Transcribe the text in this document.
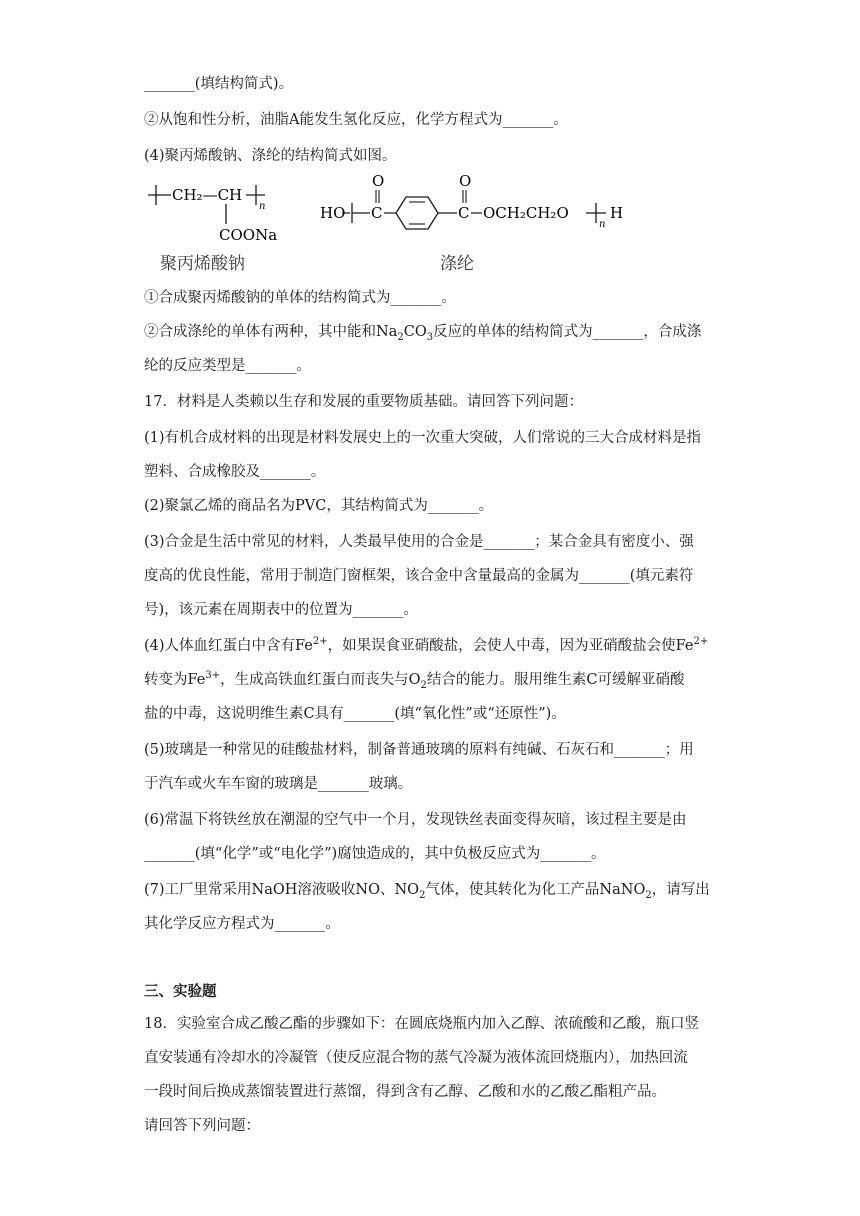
_______(填结构简式)。
②从饱和性分析，油脂A能发生氢化反应，化学方程式为_______。
(4)聚丙烯酸钠、涤纶的结构简式如图。
CH₂—CH
n
COONa
聚丙烯酸钠
HO C
O
C
O
OCH₂CH₂O
n
H
涤纶
①合成聚丙烯酸钠的单体的结构简式为_______。
②合成涤纶的单体有两种，其中能和$Na_2CO_3$反应的单体的结构简式为_______，合成涤
纶的反应类型是_______。
17．材料是人类赖以生存和发展的重要物质基础。请回答下列问题：
(1)有机合成材料的出现是材料发展史上的一次重大突破，人们常说的三大合成材料是指
塑料、合成橡胶及_______。
(2)聚氯乙烯的商品名为PVC，其结构简式为_______。
(3)合金是生活中常见的材料，人类最早使用的合金是_______；某合金具有密度小、强
度高的优良性能，常用于制造门窗框架，该合金中含量最高的金属为_______(填元素符
号)，该元素在周期表中的位置为_______。
(4)人体血红蛋白中含有$Fe^{2+}$，如果误食亚硝酸盐，会使人中毒，因为亚硝酸盐会使$Fe^{2+}$
转变为$Fe^{3+}$，生成高铁血红蛋白而丧失与$O_2$结合的能力。服用维生素C可缓解亚硝酸
盐的中毒，这说明维生素C具有_______(填“氧化性”或“还原性”)。
(5)玻璃是一种常见的硅酸盐材料，制备普通玻璃的原料有纯碱、石灰石和_______；用
于汽车或火车车窗的玻璃是_______玻璃。
(6)常温下将铁丝放在潮湿的空气中一个月，发现铁丝表面变得灰暗，该过程主要是由
_______(填“化学”或“电化学”)腐蚀造成的，其中负极反应式为_______。
(7)工厂里常采用NaOH溶液吸收NO、$NO_2$气体，使其转化为化工产品NaNO$_2$，请写出
其化学反应方程式为_______。
三、实验题
18．实验室合成乙酸乙酯的步骤如下：在圆底烧瓶内加入乙醇、浓硫酸和乙酸，瓶口竖
直安装通有冷却水的冷凝管（使反应混合物的蒸气冷凝为液体流回烧瓶内），加热回流
一段时间后换成蒸馏装置进行蒸馏，得到含有乙醇、乙酸和水的乙酸乙酯粗产品。
请回答下列问题：
